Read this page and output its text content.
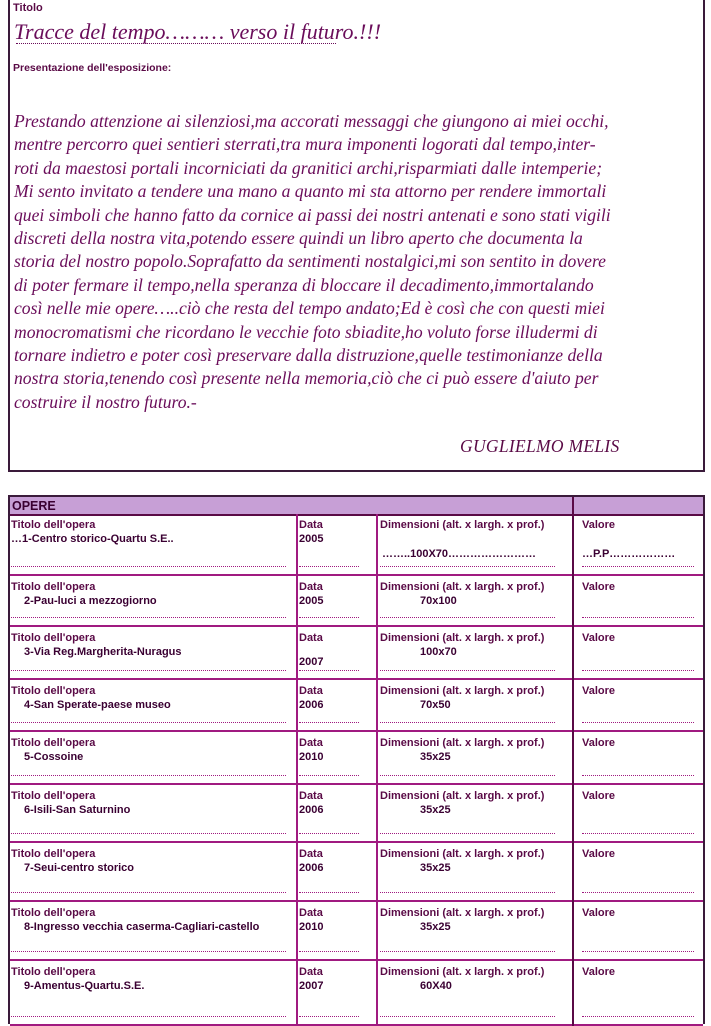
Titolo
Tracce del tempo……… verso il futuro.!!!
Presentazione dell'esposizione:
Prestando attenzione ai silenziosi,ma accorati messaggi che giungono ai miei occhi,
mentre percorro quei sentieri sterrati,tra mura imponenti logorati dal tempo,inter-
roti da maestosi portali incorniciati da granitici archi,risparmiati dalle intemperie;
Mi sento invitato a tendere una mano a quanto mi sta attorno per rendere immortali
quei simboli che hanno fatto da cornice ai passi dei nostri antenati e sono stati vigili
discreti della nostra vita,potendo essere quindi un libro aperto che documenta la
storia del nostro popolo.Soprafatto da sentimenti nostalgici,mi son sentito in dovere
di poter fermare il tempo,nella speranza di bloccare il decadimento,immortalando
così nelle mie opere…..ciò che resta del tempo andato;Ed è così che con questi miei
monocromatismi che ricordano le vecchie foto sbiadite,ho voluto forse illudermi di
tornare indietro e poter così preservare dalla distruzione,quelle testimonianze della
nostra storia,tenendo così presente nella memoria,ciò che ci può essere d'aiuto per
costruire il nostro futuro.-
GUGLIELMO MELIS
OPERE
Titolo dell'opera
…1-Centro storico-Quartu S.E..
Data
2005
Dimensioni (alt. x largh. x prof.)
……..100X70……………………
Valore
…P.P………………
Titolo dell'opera
2-Pau-luci a mezzogiorno
Data
2005
Dimensioni (alt. x largh. x prof.)
70x100
Valore
Titolo dell'opera
3-Via Reg.Margherita-Nuragus
Data
2007
Dimensioni (alt. x largh. x prof.)
100x70
Valore
Titolo dell'opera
4-San Sperate-paese museo
Data
2006
Dimensioni (alt. x largh. x prof.)
70x50
Valore
Titolo dell'opera
5-Cossoine
Data
2010
Dimensioni (alt. x largh. x prof.)
35x25
Valore
Titolo dell'opera
6-Isili-San Saturnino
Data
2006
Dimensioni (alt. x largh. x prof.)
35x25
Valore
Titolo dell'opera
7-Seui-centro storico
Data
2006
Dimensioni (alt. x largh. x prof.)
35x25
Valore
Titolo dell'opera
8-Ingresso vecchia caserma-Cagliari-castello
Data
2010
Dimensioni (alt. x largh. x prof.)
35x25
Valore
Titolo dell'opera
9-Amentus-Quartu.S.E.
Data
2007
Dimensioni (alt. x largh. x prof.)
60X40
Valore
